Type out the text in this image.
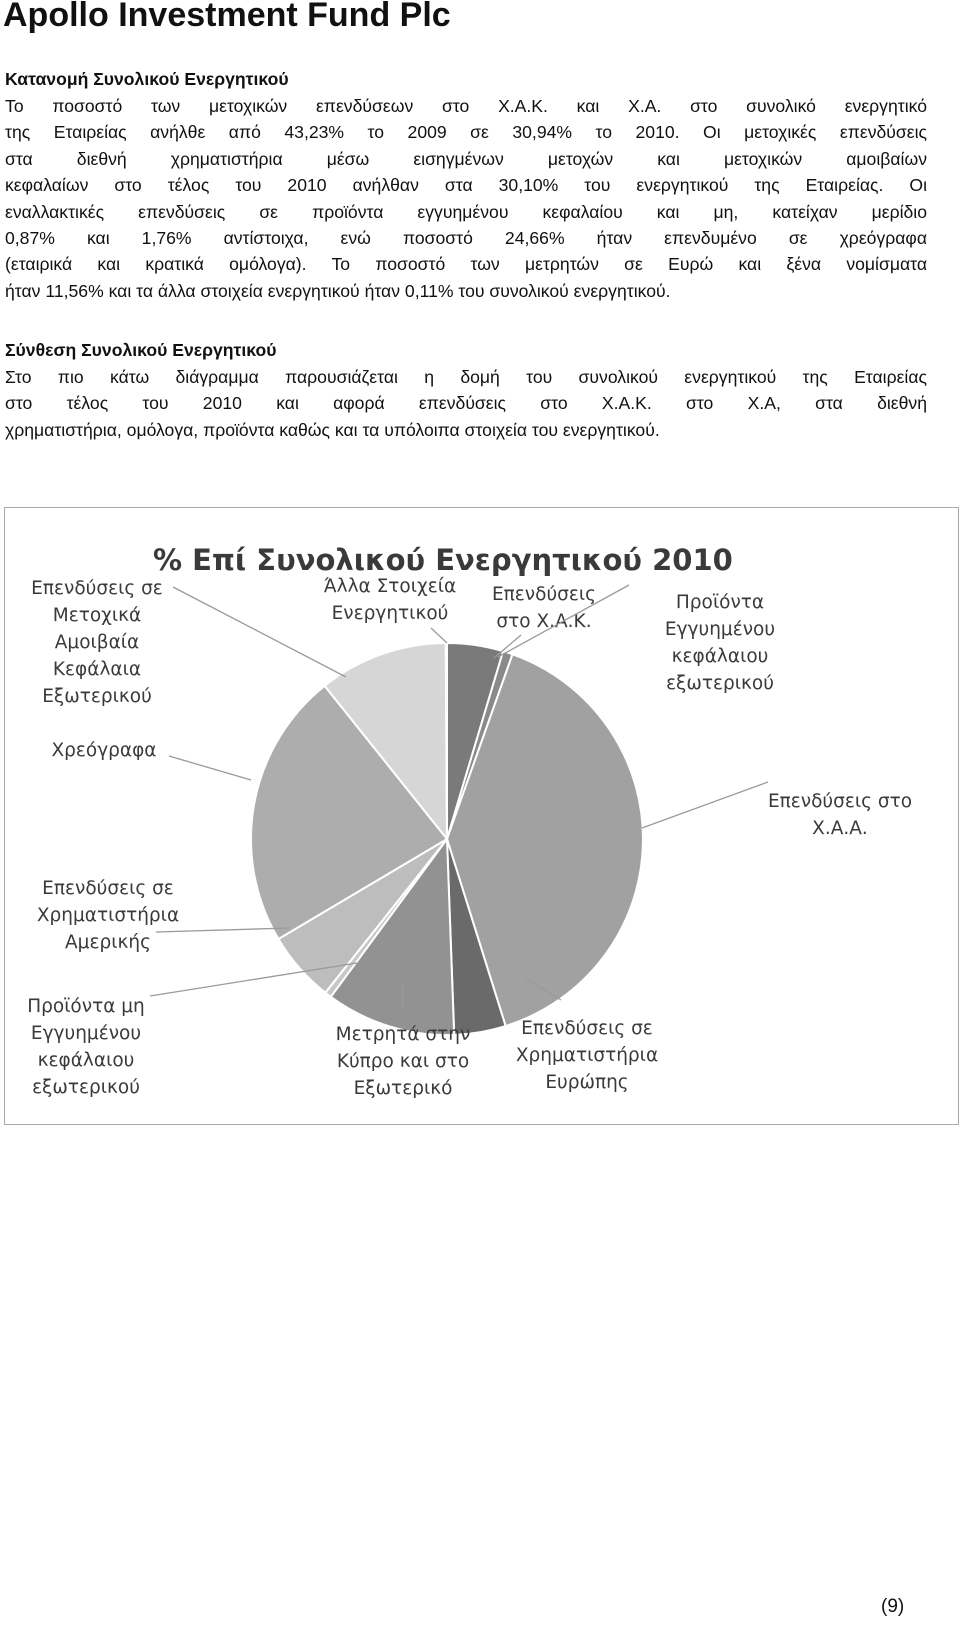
Apollo Investment Fund Plc
Κατανομή Συνολικού Ενεργητικού

Το ποσοστό των μετοχικών επενδύσεων στο Χ.Α.Κ. και Χ.Α. στο συνολικό ενεργητικό
της Εταιρείας ανήλθε από 43,23% το 2009 σε 30,94% το 2010. Οι μετοχικές επενδύσεις
στα διεθνή χρηματιστήρια μέσω εισηγμένων μετοχών και μετοχικών αμοιβαίων
κεφαλαίων στο τέλος του 2010 ανήλθαν στα 30,10% του ενεργητικού της Εταιρείας. Οι
εναλλακτικές επενδύσεις σε προϊόντα εγγυημένου κεφαλαίου και μη, κατείχαν μερίδιο
0,87% και 1,76% αντίστοιχα, ενώ ποσοστό 24,66% ήταν επενδυμένο σε χρεόγραφα
(εταιρικά και κρατικά ομόλογα). Το ποσοστό των μετρητών σε Ευρώ και ξένα νομίσματα
ήταν 11,56% και τα άλλα στοιχεία ενεργητικού ήταν 0,11% του συνολικού ενεργητικού.

Σύνθεση Συνολικού Ενεργητικού

Στο πιο κάτω διάγραμμα παρουσιάζεται η δομή του συνολικού ενεργητικού της Εταιρείας
στο τέλος του 2010 και αφορά επενδύσεις στο Χ.Α.Κ. στο Χ.Α, στα διεθνή
χρηματιστήρια, ομόλογα, προϊόντα καθώς και τα υπόλοιπα στοιχεία του ενεργητικού.

% Επί Συνολικού Ενεργητικού 2010
Επενδύσεις στο Χ.Α.Κ.
Προϊόντα Εγγυημένου κεφάλαιου εξωτερικού
Επενδύσεις στο Χ.Α.Α.
Επενδύσεις σε Χρηματιστήρια Ευρώπης
Μετρητά στην Κύπρο και στο Εξωτερικό
Προϊόντα μη Εγγυημένου κεφάλαιου εξωτερικού
Επενδύσεις σε Χρηματιστήρια Αμερικής
Χρεόγραφα
Επενδύσεις σε Μετοχικά Αμοιβαία Κεφάλαια Εξωτερικού
Άλλα Στοιχεία Ενεργητικού

(9)
